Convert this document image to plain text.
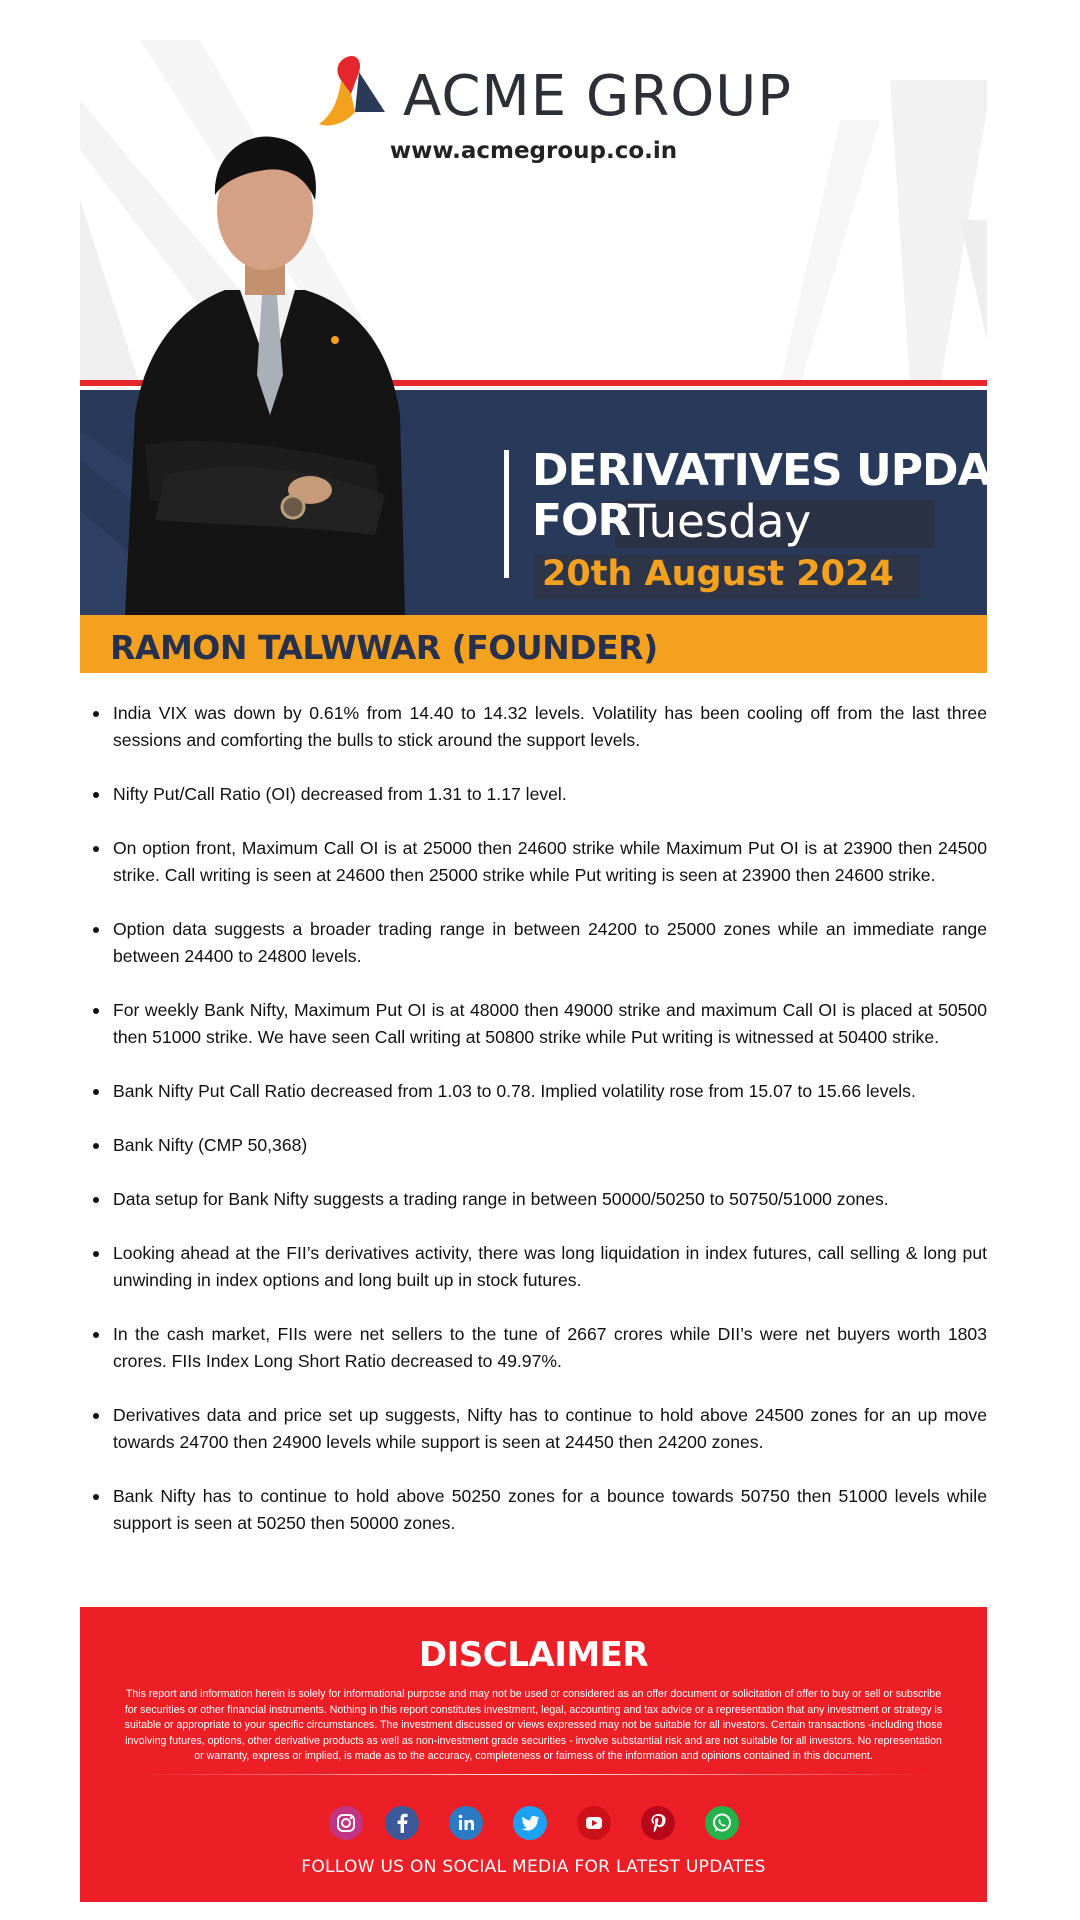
ACME GROUP
www.acmegroup.co.in
DERIVATIVES UPDATE
FOR
Tuesday
20th August 2024
RAMON TALWWAR (FOUNDER)
India VIX was down by 0.61% from 14.40 to 14.32 levels. Volatility has been cooling off from the last three sessions and comforting the bulls to stick around the support levels.
Nifty Put/Call Ratio (OI) decreased from 1.31 to 1.17 level.
On option front, Maximum Call OI is at 25000 then 24600 strike while Maximum Put OI is at 23900 then 24500 strike. Call writing is seen at 24600 then 25000 strike while Put writing is seen at 23900 then 24600 strike.
Option data suggests a broader trading range in between 24200 to 25000 zones while an immediate range between 24400 to 24800 levels.
For weekly Bank Nifty, Maximum Put OI is at 48000 then 49000 strike and maximum Call OI is placed at 50500 then 51000 strike. We have seen Call writing at 50800 strike while Put writing is witnessed at 50400 strike.
Bank Nifty Put Call Ratio decreased from 1.03 to 0.78. Implied volatility rose from 15.07 to 15.66 levels.
Bank Nifty (CMP 50,368)
Data setup for Bank Nifty suggests a trading range in between 50000/50250 to 50750/51000 zones.
Looking ahead at the FII’s derivatives activity, there was long liquidation in index futures, call selling & long put unwinding in index options and long built up in stock futures.
In the cash market, FIIs were net sellers to the tune of 2667 crores while DII’s were net buyers worth 1803 crores. FIIs Index Long Short Ratio decreased to 49.97%.
Derivatives data and price set up suggests, Nifty has to continue to hold above 24500 zones for an up move towards 24700 then 24900 levels while support is seen at 24450 then 24200 zones.
Bank Nifty has to continue to hold above 50250 zones for a bounce towards 50750 then 51000 levels while support is seen at 50250 then 50000 zones.
DISCLAIMER
This report and information herein is solely for informational purpose and may not be used or considered as an offer document or solicitation of offer to buy or sell or subscribe for securities or other financial instruments. Nothing in this report constitutes investment, legal, accounting and tax advice or a representation that any investment or strategy is suitable or appropriate to your specific circumstances. The investment discussed or views expressed may not be suitable for all investors. Certain transactions -including those involving futures, options, other derivative products as well as non-investment grade securities - involve substantial risk and are not suitable for all investors. No representation or warranty, express or implied, is made as to the accuracy, completeness or fairness of the information and opinions contained in this document.
FOLLOW US ON SOCIAL MEDIA FOR LATEST UPDATES
